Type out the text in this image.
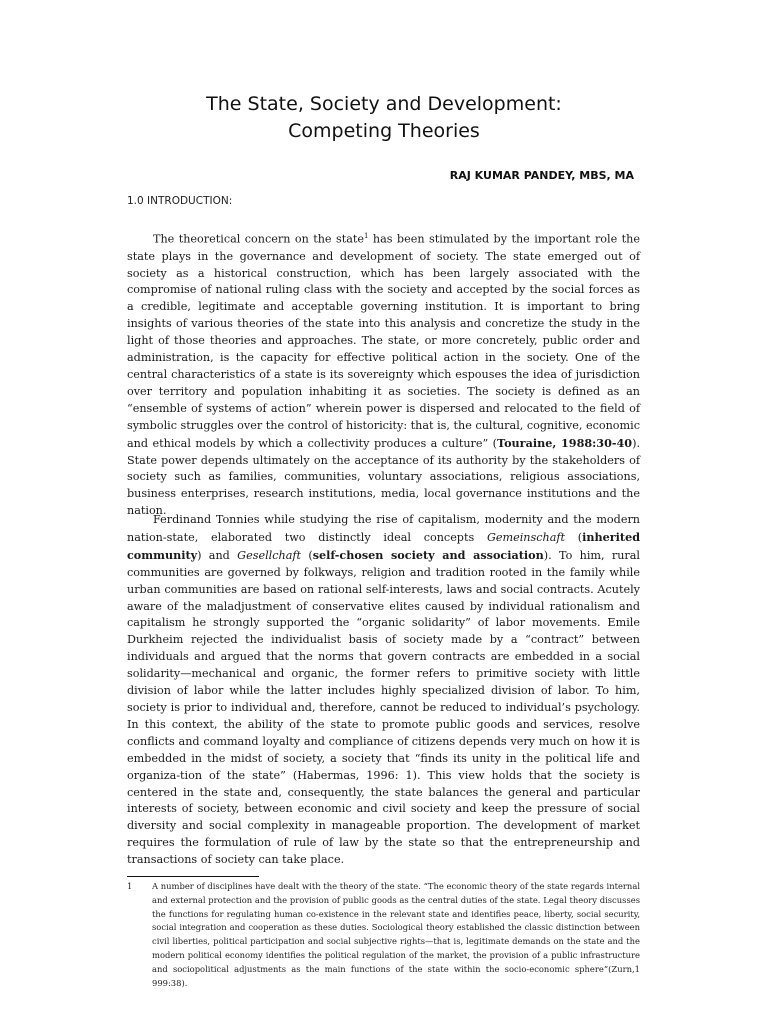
The State, Society and Development:
Competing Theories
RAJ KUMAR PANDEY, MBS, MA
1.0 INTRODUCTION:

The theoretical concern on the state$^1$ has been stimulated by the important role the state plays in the governance and development of society. The state emerged out of society as a historical construction, which has been largely associated with the compromise of national ruling class with the society and accepted by the social forces as a credible, legitimate and acceptable governing institution. It is important to bring insights of various theories of the state into this analysis and concretize the study in the light of those theories and approaches. The state, or more concretely, public order and administration, is the capacity for effective political action in the society. One of the central characteristics of a state is its sovereignty which espouses the idea of jurisdiction over territory and population inhabiting it as societies. The society is defined as an “ensemble of systems of action” wherein power is dispersed and relocated to the field of symbolic struggles over the control of historicity: that is, the cultural, cognitive, economic and ethical models by which a collectivity produces a culture” (Touraine, 1988:30-40). State power depends ultimately on the acceptance of its authority by the stakeholders of society such as families, communities, voluntary associations, religious associations, business enterprises, research institutions, media, local governance institutions and the nation.

Ferdinand Tonnies while studying the rise of capitalism, modernity and the modern nation-state, elaborated two distinctly ideal concepts Gemeinschaft (inherited community) and Gesellchaft (self-chosen society and association). To him, rural communities are governed by folkways, religion and tradition rooted in the family while urban communities are based on rational self-interests, laws and social contracts. Acutely aware of the maladjustment of conservative elites caused by individual rationalism and capitalism he strongly supported the “organic solidarity” of labor movements. Emile Durkheim rejected the individualist basis of society made by a “contract” between individuals and argued that the norms that govern contracts are embedded in a social solidarity—mechanical and organic, the former refers to primitive society with little division of labor while the latter includes highly specialized division of labor. To him, society is prior to individual and, therefore, cannot be reduced to individual’s psychology. In this context, the ability of the state to promote public goods and services, resolve conflicts and command loyalty and compliance of citizens depends very much on how it is embedded in the midst of society, a society that “finds its unity in the political life and organiza-tion of the state” (Habermas, 1996: 1). This view holds that the society is centered in the state and, consequently, the state balances the general and particular interests of society, between economic and civil society and keep the pressure of social diversity and social complexity in manageable proportion. The development of market requires the formulation of rule of law by the state so that the entrepreneurship and transactions of society can take place.

1 A number of disciplines have dealt with the theory of the state. “The economic theory of the state regards internal and external protection and the provision of public goods as the central duties of the state. Legal theory discusses the functions for regulating human co-existence in the relevant state and identifies peace, liberty, social security, social integration and cooperation as these duties. Sociological theory established the classic distinction between civil liberties, political participation and social subjective rights—that is, legitimate demands on the state and the modern political economy identifies the political regulation of the market, the provision of a public infrastructure and sociopolitical adjustments as the main functions of the state within the socio-economic sphere”(Zurn,1 999:38).
